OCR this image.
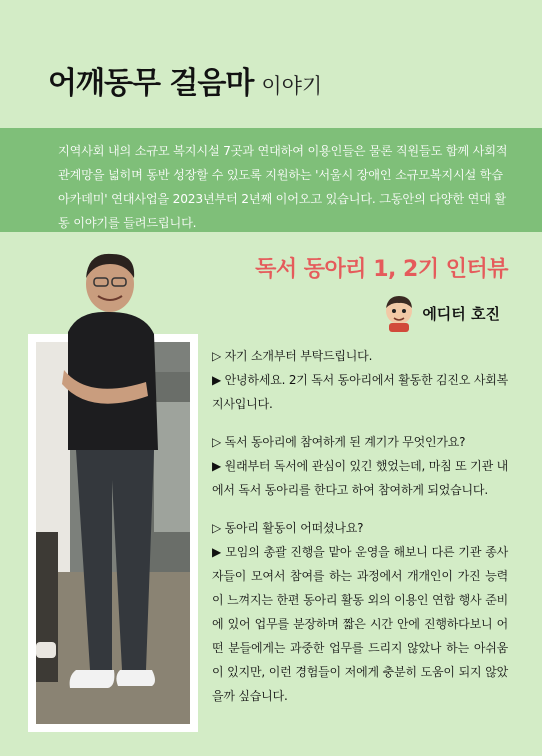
어깨동무 걸음마 이야기
지역사회 내의 소규모 복지시설 7곳과 연대하여 이용인들은 물론 직원들도 함께 사회적 관계망을 넓히며 동반 성장할 수 있도록 지원하는 '서울시 장애인 소규모복지시설 학습아카데미' 연대사업을 2023년부터 2년째 이어오고 있습니다. 그동안의 다양한 연대 활동 이야기를 들려드립니다.
독서 동아리 1, 2기 인터뷰
에디터 호진

▷ 자기 소개부터 부탁드립니다.

▶ 안녕하세요. 2기 독서 동아리에서 활동한 김진오 사회복지사입니다.

▷ 독서 동아리에 참여하게 된 계기가 무엇인가요?

▶ 원래부터 독서에 관심이 있긴 했었는데, 마침 또 기관 내에서 독서 동아리를 한다고 하여 참여하게 되었습니다.

▷ 동아리 활동이 어떠셨나요?

▶ 모임의 총괄 진행을 맡아 운영을 해보니 다른 기관 종사자들이 모여서 참여를 하는 과정에서 개개인이 가진 능력이 느껴지는 한편 동아리 활동 외의 이용인 연합 행사 준비에 있어 업무를 분장하며 짧은 시간 안에 진행하다보니 어떤 분들에게는 과중한 업무를 드리지 않았나 하는 아쉬움이 있지만, 이런 경험들이 저에게 충분히 도움이 되지 않았을까 싶습니다.
